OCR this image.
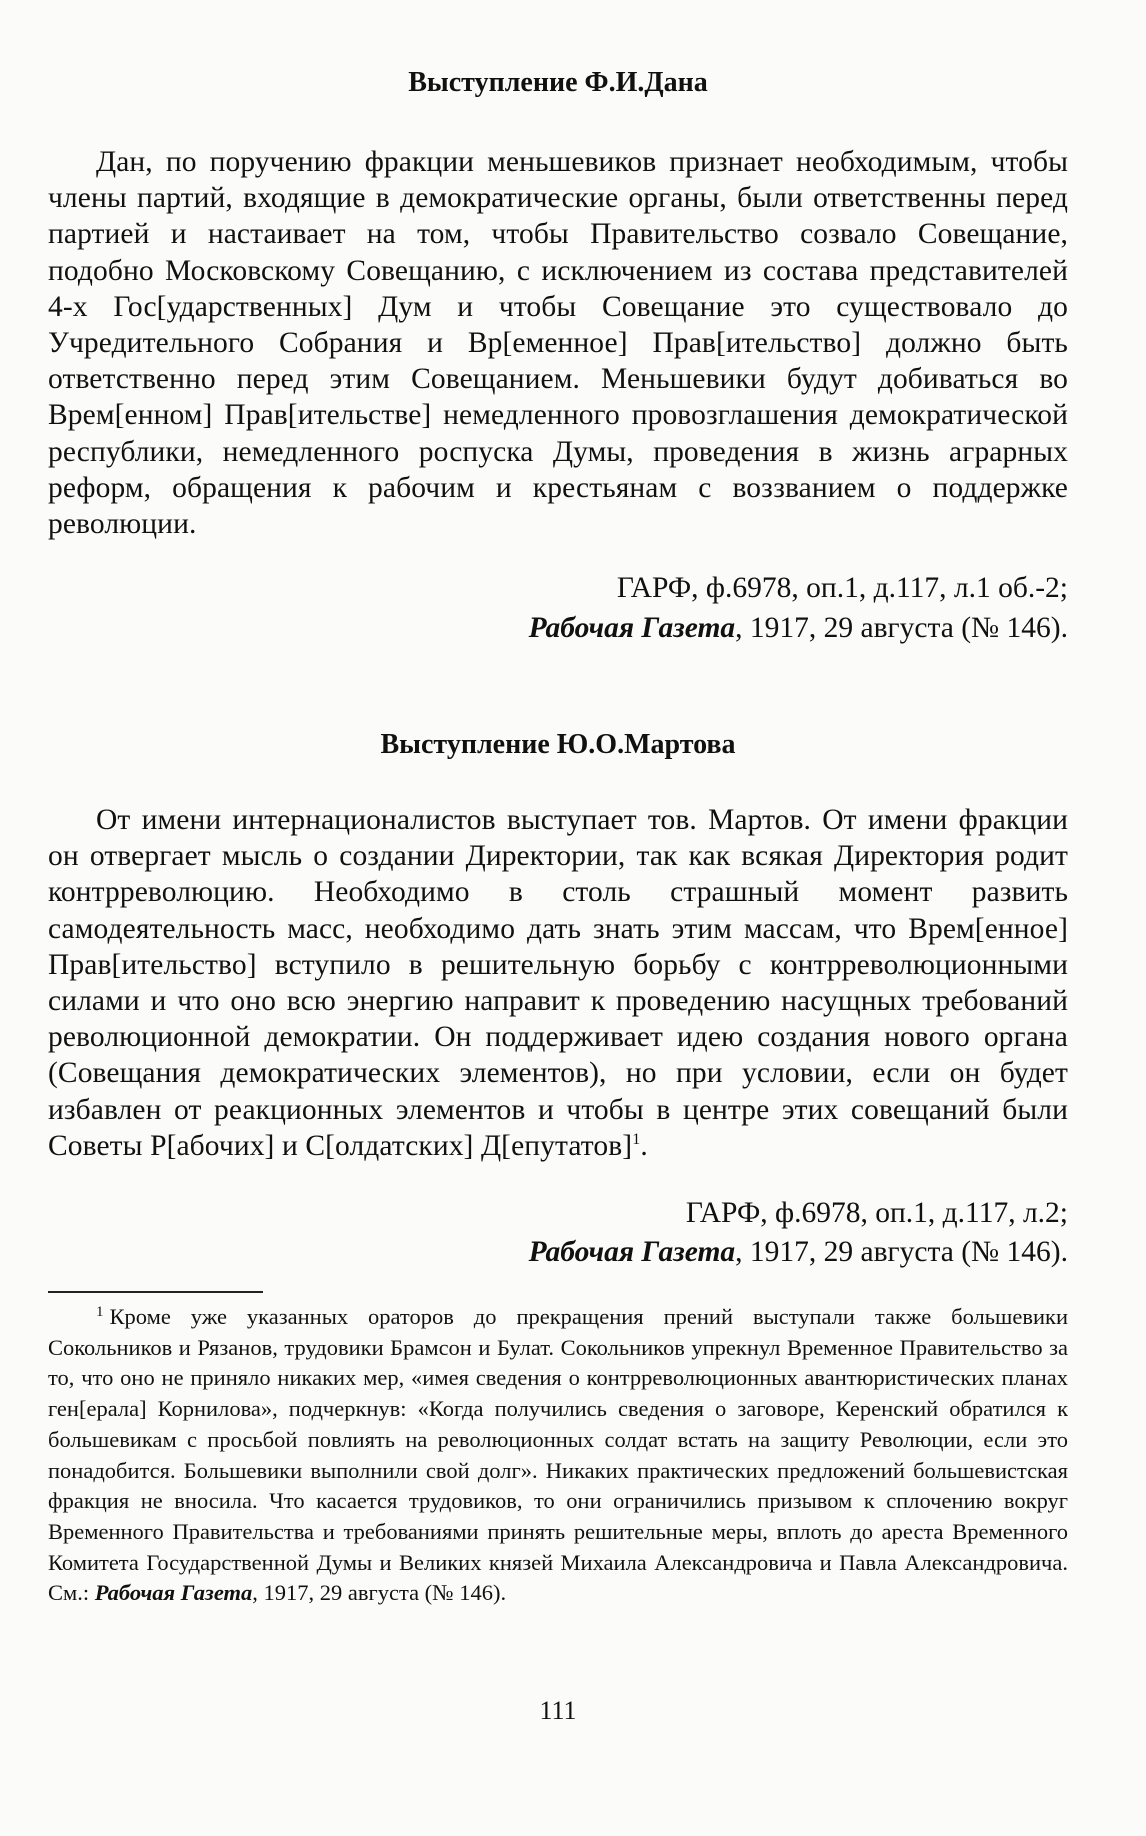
Выступление Ф.И.Дана
Дан, по поручению фракции меньшевиков признает необходимым, чтобы члены партий, входящие в демократические органы, были ответственны перед партией и настаивает на том, чтобы Правительство созвало Совещание, подобно Московскому Совещанию, с исключением из состава представителей 4-х Гос[ударственных] Дум и чтобы Совещание это существовало до Учредительного Собрания и Вр[еменное] Прав[ительство] должно быть ответственно перед этим Совещанием. Меньшевики будут добиваться во Врем[енном] Прав[ительстве] немедленного провозглашения демократической республики, немедленного роспуска Думы, проведения в жизнь аграрных реформ, обращения к рабочим и крестьянам с воззванием о поддержке революции.
ГАРФ, ф.6978, оп.1, д.117, л.1 об.-2;
Рабочая Газета, 1917, 29 августа (№ 146).
Выступление Ю.О.Мартова
От имени интернационалистов выступает тов. Мартов. От имени фракции он отвергает мысль о создании Директории, так как всякая Директория родит контрреволюцию. Необходимо в столь страшный момент развить самодеятельность масс, необходимо дать знать этим массам, что Врем[енное] Прав[ительство] вступило в решительную борьбу с контрреволюционными силами и что оно всю энергию направит к проведению насущных требований революционной демократии. Он поддерживает идею создания нового органа (Совещания демократических элементов), но при условии, если он будет избавлен от реакционных элементов и чтобы в центре этих совещаний были Советы Р[абочих] и С[олдатских] Д[епутатов]$^1$.
ГАРФ, ф.6978, оп.1, д.117, л.2;
Рабочая Газета, 1917, 29 августа (№ 146).
$^1$ Кроме уже указанных ораторов до прекращения прений выступали также большевики Сокольников и Рязанов, трудовики Брамсон и Булат. Сокольников упрекнул Временное Правительство за то, что оно не приняло никаких мер, «имея сведения о контрреволюционных авантюристических планах ген[ерала] Корнилова», подчеркнув: «Когда получились сведения о заговоре, Керенский обратился к большевикам с просьбой повлиять на революционных солдат встать на защиту Революции, если это понадобится. Большевики выполнили свой долг». Никаких практических предложений большевистская фракция не вносила. Что касается трудовиков, то они ограничились призывом к сплочению вокруг Временного Правительства и требованиями принять решительные меры, вплоть до ареста Временного Комитета Государственной Думы и Великих князей Михаила Александровича и Павла Александровича. См.: Рабочая Газета, 1917, 29 августа (№ 146).
111
